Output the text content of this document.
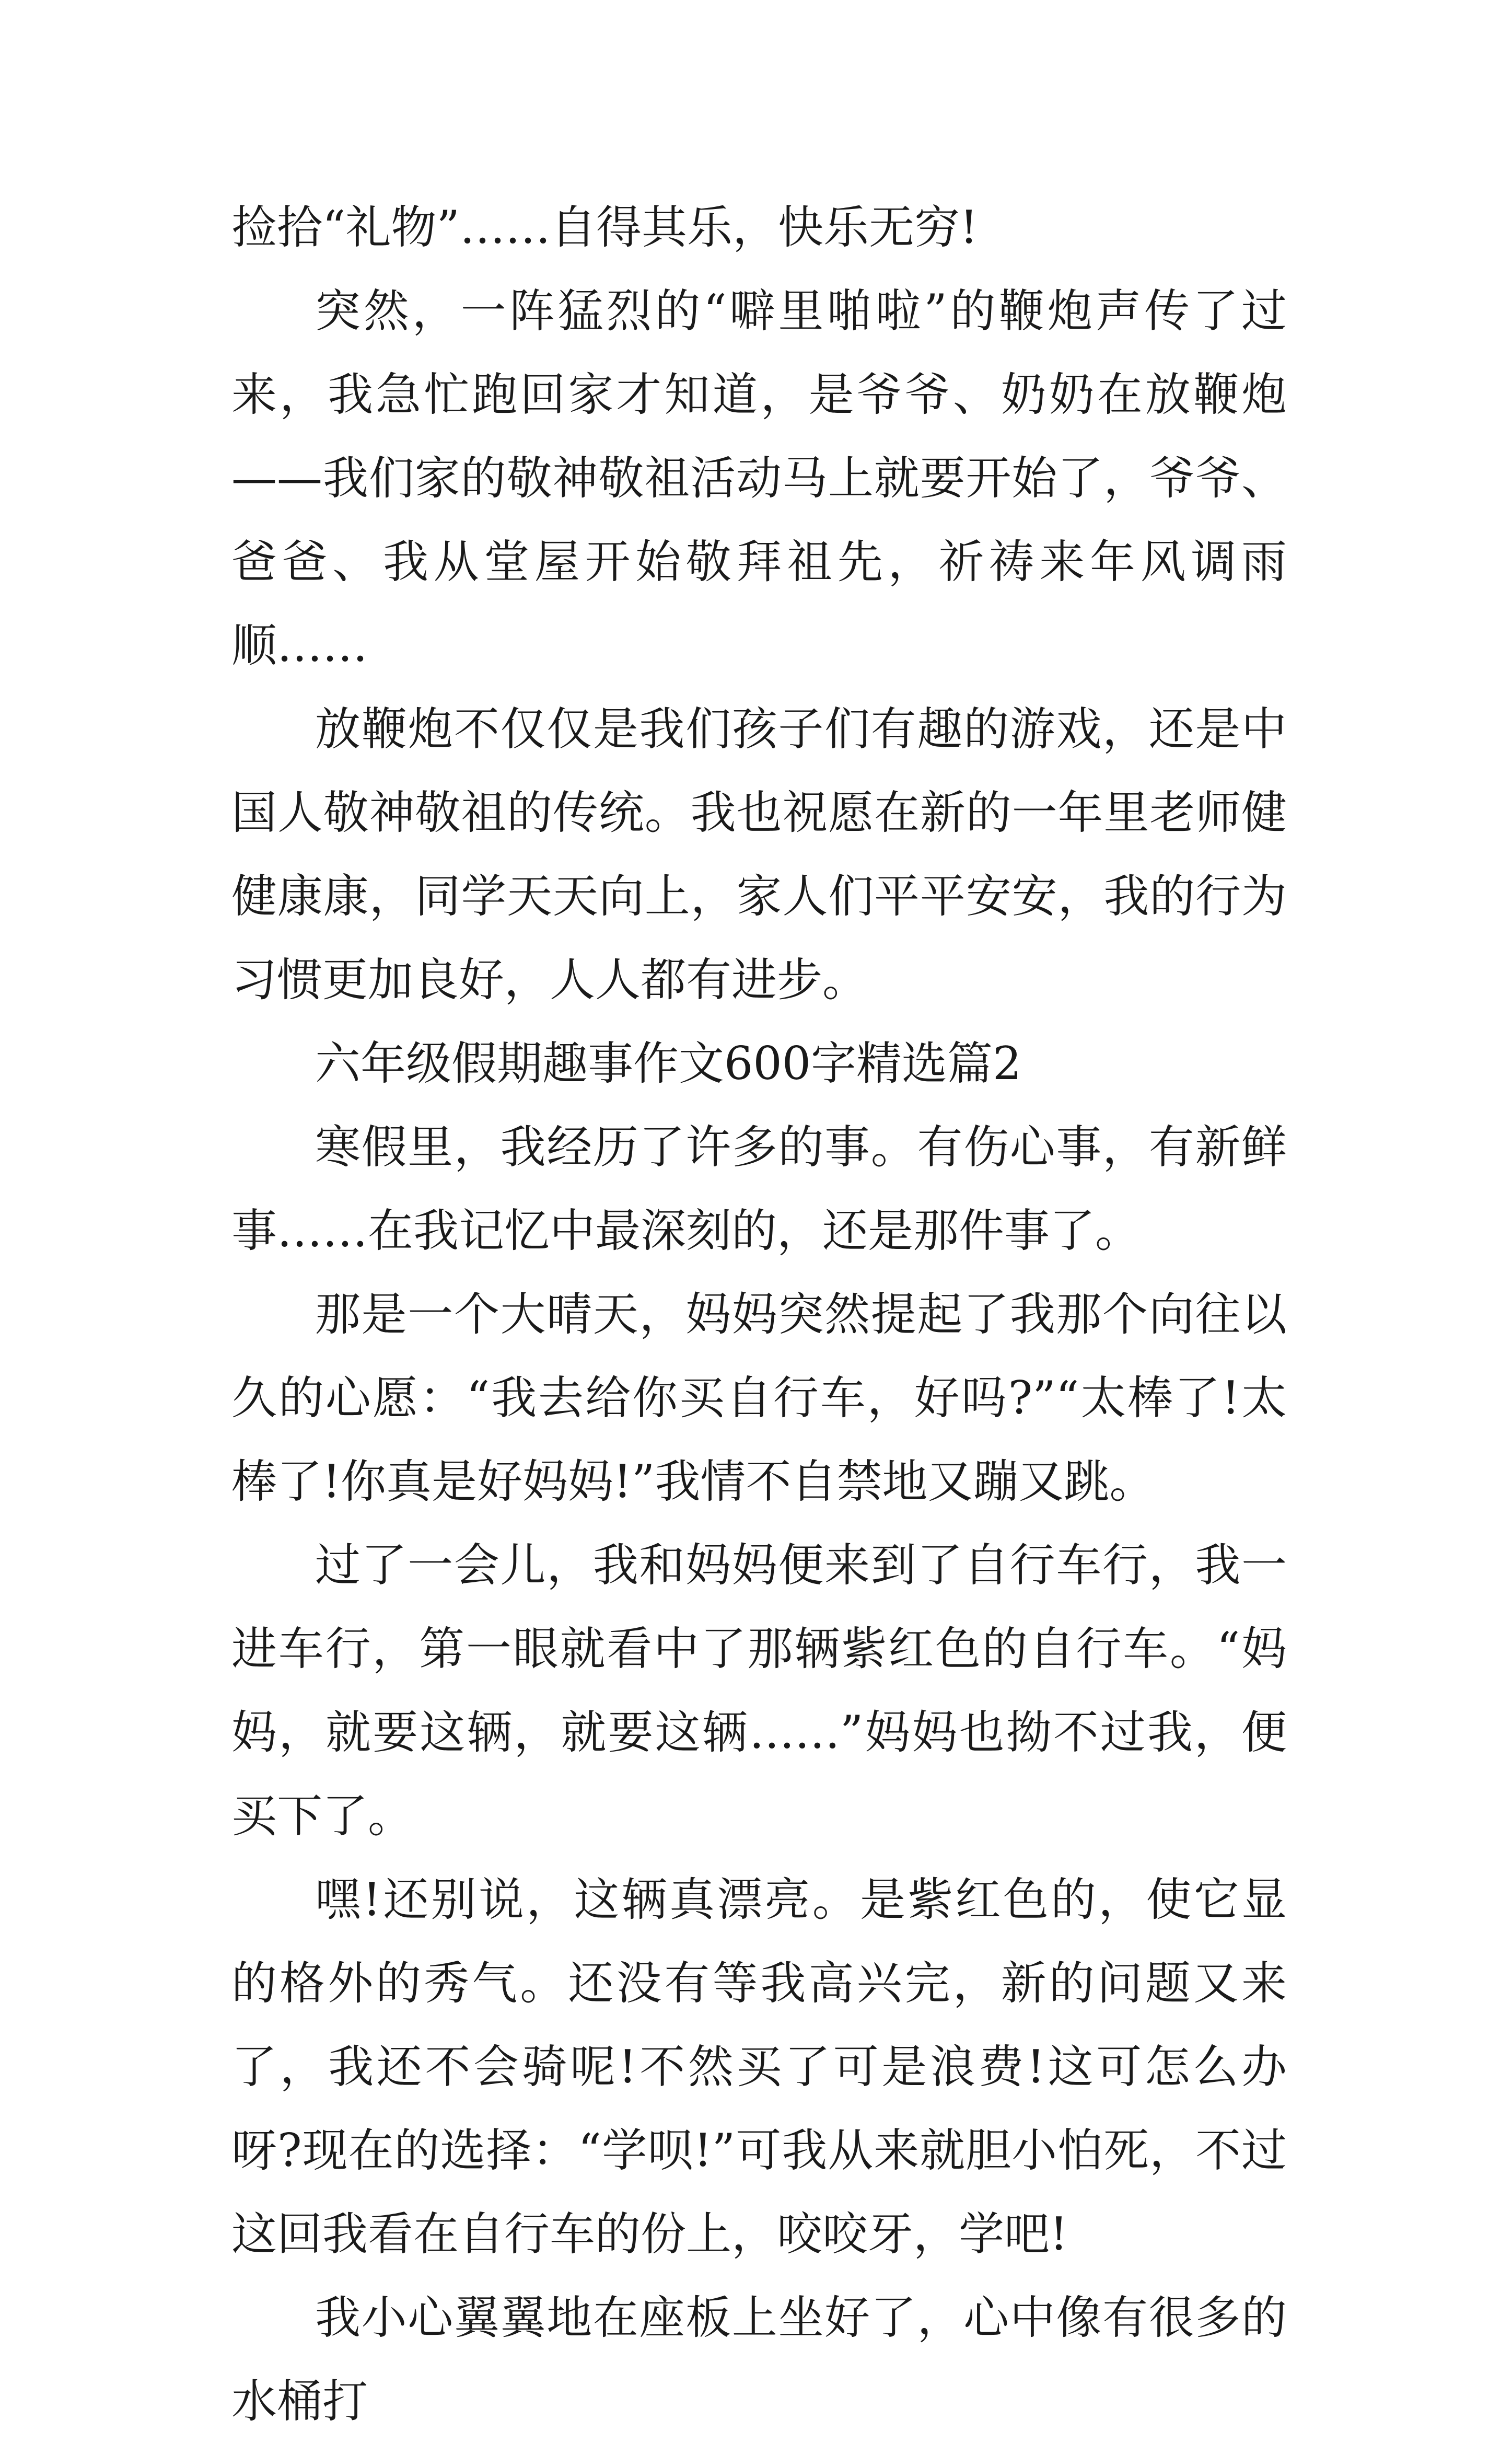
捡拾“礼物”……自得其乐，快乐无穷!

突然，一阵猛烈的“噼里啪啦”的鞭炮声传了过来，我急忙跑回家才知道，是爷爷、奶奶在放鞭炮——我们家的敬神敬祖活动马上就要开始了，爷爷、爸爸、我从堂屋开始敬拜祖先，祈祷来年风调雨顺……

放鞭炮不仅仅是我们孩子们有趣的游戏，还是中国人敬神敬祖的传统。我也祝愿在新的一年里老师健健康康，同学天天向上，家人们平平安安，我的行为习惯更加良好，人人都有进步。

六年级假期趣事作文600字精选篇2

寒假里，我经历了许多的事。有伤心事，有新鲜事……在我记忆中最深刻的，还是那件事了。

那是一个大晴天，妈妈突然提起了我那个向往以久的心愿：“我去给你买自行车，好吗?”“太棒了!太棒了!你真是好妈妈!”我情不自禁地又蹦又跳。

过了一会儿，我和妈妈便来到了自行车行，我一进车行，第一眼就看中了那辆紫红色的自行车。“妈妈，就要这辆，就要这辆……”妈妈也拗不过我，便买下了。

嘿!还别说，这辆真漂亮。是紫红色的，使它显的格外的秀气。还没有等我高兴完，新的问题又来了，我还不会骑呢!不然买了可是浪费!这可怎么办呀?现在的选择：“学呗!”可我从来就胆小怕死，不过这回我看在自行车的份上，咬咬牙，学吧!

我小心翼翼地在座板上坐好了，心中像有很多的水桶打
